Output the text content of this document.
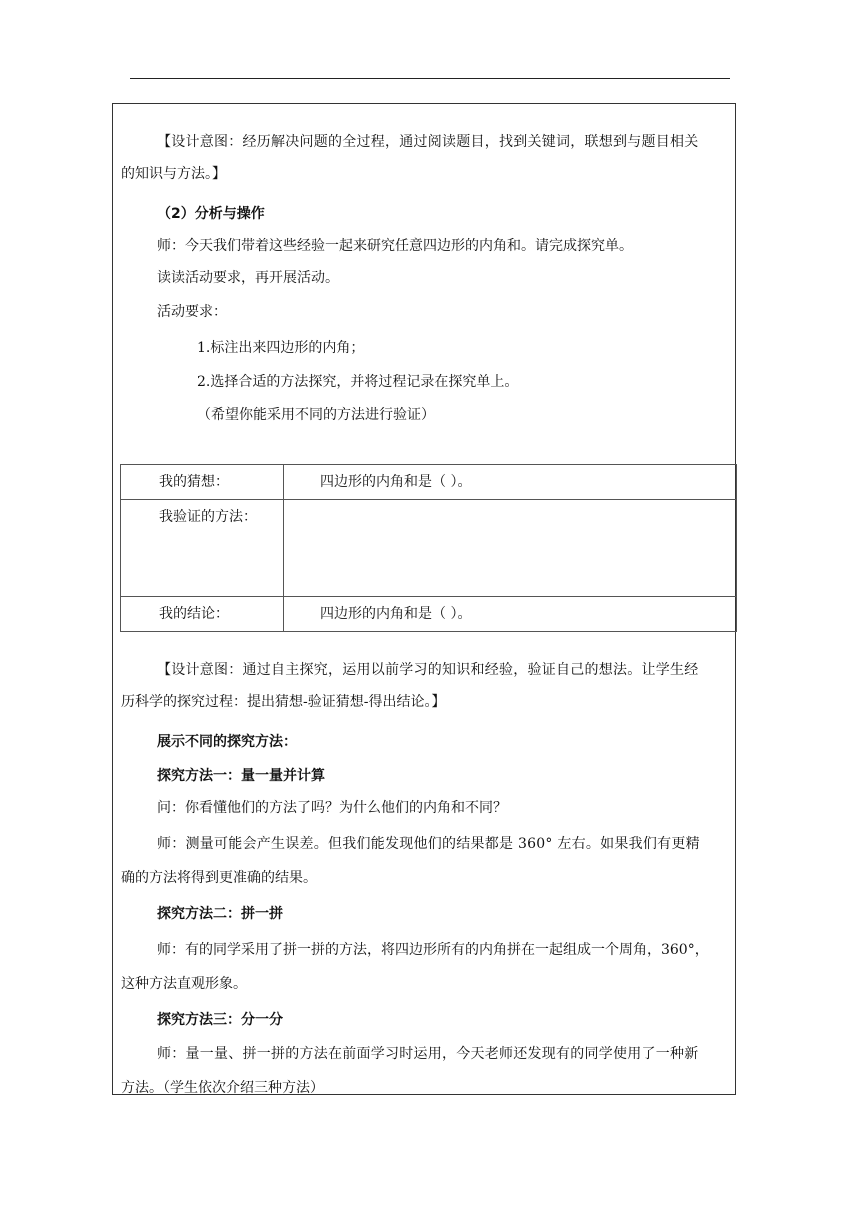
【设计意图：经历解决问题的全过程，通过阅读题目，找到关键词，联想到与题目相关
的知识与方法。】
（2）分析与操作
师：今天我们带着这些经验一起来研究任意四边形的内角和。请完成探究单。
读读活动要求，再开展活动。
活动要求：
1.标注出来四边形的内角；
2.选择合适的方法探究，并将过程记录在探究单上。
（希望你能采用不同的方法进行验证）
我的猜想：	四边形的内角和是（ ）。
我验证的方法：	
我的结论：	四边形的内角和是（ ）。
【设计意图：通过自主探究，运用以前学习的知识和经验，验证自己的想法。让学生经
历科学的探究过程：提出猜想-验证猜想-得出结论。】
展示不同的探究方法：
探究方法一：量一量并计算
问：你看懂他们的方法了吗？为什么他们的内角和不同？
师：测量可能会产生误差。但我们能发现他们的结果都是 360° 左右。如果我们有更精
确的方法将得到更准确的结果。
探究方法二：拼一拼
师：有的同学采用了拼一拼的方法，将四边形所有的内角拼在一起组成一个周角，360°，
这种方法直观形象。
探究方法三：分一分
师：量一量、拼一拼的方法在前面学习时运用，今天老师还发现有的同学使用了一种新
方法。（学生依次介绍三种方法）
